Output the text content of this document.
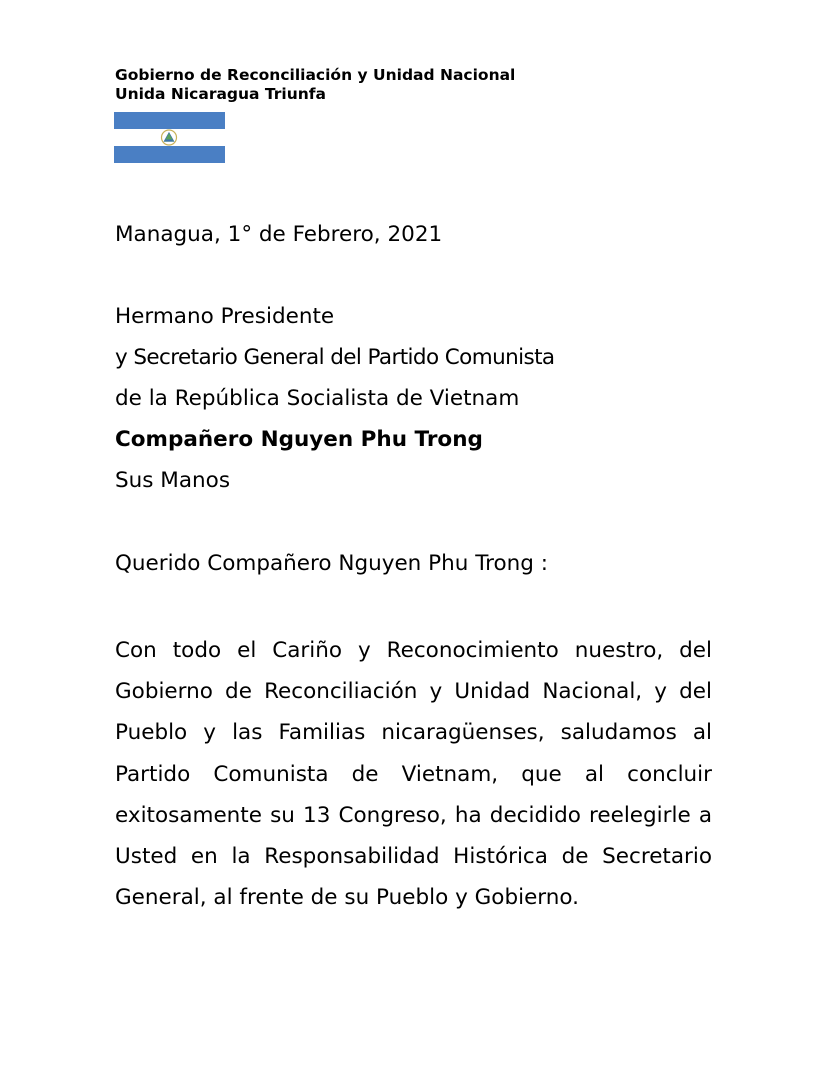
Gobierno de Reconciliación y Unidad Nacional
Unida Nicaragua Triunfa
Managua, 1° de Febrero, 2021
Hermano Presidente
y Secretario General del Partido Comunista
de la República Socialista de Vietnam
Compañero Nguyen Phu Trong
Sus Manos
Querido Compañero Nguyen Phu Trong :
Con todo el Cariño y Reconocimiento nuestro, del Gobierno de Reconciliación y Unidad Nacional, y del Pueblo y las Familias nicaragüenses, saludamos al Partido Comunista de Vietnam, que al concluir exitosamente su 13 Congreso, ha decidido reelegirle a Usted en la Responsabilidad Histórica de Secretario General, al frente de su Pueblo y Gobierno.
